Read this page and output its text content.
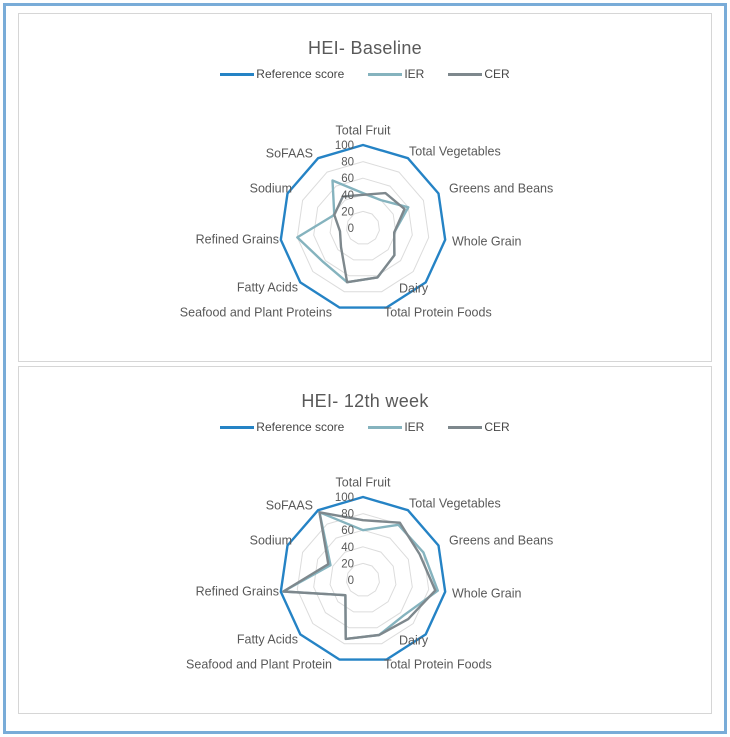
HEI- Baseline
Reference score	IER	CER
100
80
60
40
20
0
Total Fruit
Total Vegetables
Greens and Beans
Whole Grain
Dairy
Total Protein Foods
Seafood and Plant Proteins
Fatty Acids
Refined Grains
Sodium
SoFAAS
HEI- 12th week
Reference score	IER	CER
100
80
60
40
20
0
Total Fruit
Total Vegetables
Greens and Beans
Whole Grain
Dairy
Total Protein Foods
Seafood and Plant Protein
Fatty Acids
Refined Grains
Sodium
SoFAAS
